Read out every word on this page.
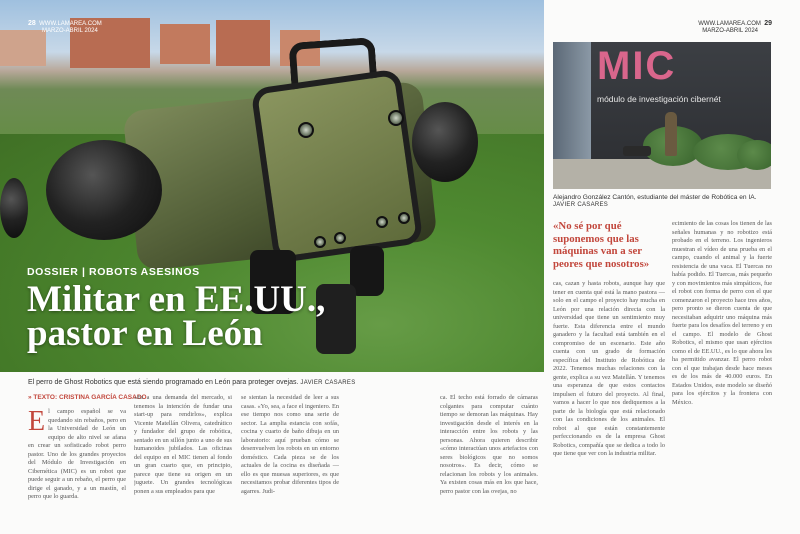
28 WWW.LAMAREA.COM
MARZO-ABRIL 2024
DOSSIER | ROBOTS ASESINOS
Militar en EE.UU.,
pastor en León
El perro de Ghost Robotics que está siendo programado en León para proteger ovejas. JAVIER CASARES
» TEXTO: CRISTINA GARCÍA CASADO
E l campo español se va quedando sin rebaños, pero en la Universidad de León un equipo de alto nivel se afana en crear un sofisticado robot perro pastor. Uno de los grandes proyectos del Módulo de Investigación en Cibernética (MIC) es un robot que puede seguir a un rebaño, el perro que dirige el ganado, y a un mastín, el perro que lo guarda.
»Es a una demanda del mercado, si tenemos la intención de fundar una start-up para rendirlos», explica Vicente Matellán Olivera, catedrático y fundador del grupo de robótica, sentado en un sillón junto a uno de sus humanoides jubilados. Las oficinas del equipo en el MIC tienen al fondo un gran cuarto que, en principio, parece que tiene su origen en un juguete. Un grandes tecnológicas ponen a sus empleados para que
se sientan la necesidad de leer a sus casas. «Yo, sea, a face el ingeniero. En ese tiempo nos como una serie de sector. La amplia estancia con sofás, cocina y cuarto de baño dibuja en un laboratorio: aquí prueban cómo se desenvuelven los robots en un entorno doméstico. Cada pieza se de los actuales de la cocina es diseñada — ello es que muesas superiores, es que necesitamos probar diferentes tipos de agarres. Judi-
ca. El techo está forrado de cámaras colgantes para computar cuánto tiempo se demoran las máquinas. Hay investigación desde el interés en la interacción entre los robots y las personas. Ahora quieren describir «cómo interactúan unos artefactos con seres biológicos que no somos nosotros». Es decir, cómo se relacionan los robots y los animales. Ya existen cosas más en los que hace, perro pastor con las ovejas, no
WWW.LAMAREA.COM 29
MARZO-ABRIL 2024
MIC
módulo de investigación cibernét
Alejandro González Cantón, estudiante del máster de Robótica en IA. JAVIER CASARES
«No sé por qué suponemos que las máquinas van a ser peores que nosotros»
cas, cazan y hasta robots, aunque hay que tener en cuenta qué está la mano pastora — solo en el campo el proyecto hay mucha en León por una relación directa con la universidad que tiene un sentimiento muy fuerte. Esta diferencia entre el mundo ganadero y la facultad está también en el compromiso de un escenario. Este año cuenta con un grado de formación específica del Instituto de Robótica de 2022. Tenemos muchas relaciones con la gente, explica a su vez Matellán. Y tenemos una esperanza de que estos contactos impulsen el futuro del proyecto. Al final, vamos a hacer lo que nos dediquemos a la parte de la biología que está relacionado con las condiciones de los animales. El robot al que están constantemente perfeccionando es de la empresa Ghost Robotics, compañía que se dedica a todo lo que tiene que ver con la industria militar.
ecimiento de las cosas los tienen de las señales humanas y no robotizo está probado en el terreno. Los ingenieros muestran el vídeo de una prueba en el campo, cuando el animal y la fuerte resistencia de una vaca. El Tuercas no había podido. El Tuercas, más pequeño y con movimientos más simpáticos, fue el robot con forma de perro con el que comenzaron el proyecto hace tres años, pero pronto se dieron cuenta de que necesitaban adquirir uno máquina más fuerte para los desafíos del terreno y en el campo. El modelo de Ghost Robotics, el mismo que usan ejércitos como el de EE.UU., es lo que ahora les ha permitido avanzar. El perro robot con el que trabajan desde hace meses es de los más de 40.000 euros. En Estados Unidos, este modelo se diseñó para los ejércitos y la frontera con México.
